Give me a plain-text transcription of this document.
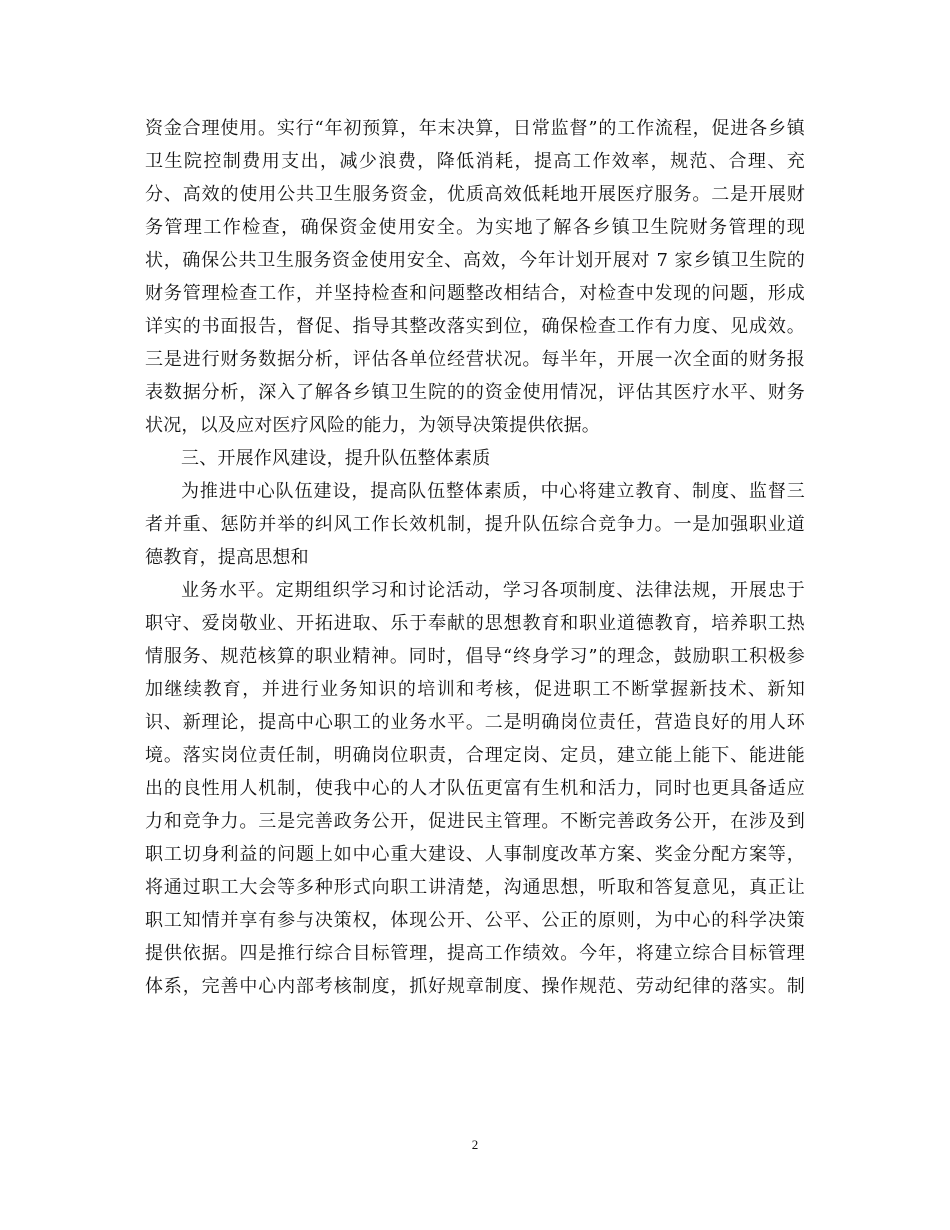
资金合理使用。实行“年初预算，年末决算，日常监督”的工作流程，促进各乡镇
卫生院控制费用支出，减少浪费，降低消耗，提高工作效率，规范、合理、充
分、高效的使用公共卫生服务资金，优质高效低耗地开展医疗服务。二是开展财
务管理工作检查，确保资金使用安全。为实地了解各乡镇卫生院财务管理的现
状，确保公共卫生服务资金使用安全、高效，今年计划开展对 7 家乡镇卫生院的
财务管理检查工作，并坚持检查和问题整改相结合，对检查中发现的问题，形成
详实的书面报告，督促、指导其整改落实到位，确保检查工作有力度、见成效。
三是进行财务数据分析，评估各单位经营状况。每半年，开展一次全面的财务报
表数据分析，深入了解各乡镇卫生院的的资金使用情况，评估其医疗水平、财务
状况，以及应对医疗风险的能力，为领导决策提供依据。
三、开展作风建设，提升队伍整体素质
为推进中心队伍建设，提高队伍整体素质，中心将建立教育、制度、监督三
者并重、惩防并举的纠风工作长效机制，提升队伍综合竞争力。一是加强职业道
德教育，提高思想和
业务水平。定期组织学习和讨论活动，学习各项制度、法律法规，开展忠于
职守、爱岗敬业、开拓进取、乐于奉献的思想教育和职业道德教育，培养职工热
情服务、规范核算的职业精神。同时，倡导“终身学习”的理念，鼓励职工积极参
加继续教育，并进行业务知识的培训和考核，促进职工不断掌握新技术、新知
识、新理论，提高中心职工的业务水平。二是明确岗位责任，营造良好的用人环
境。落实岗位责任制，明确岗位职责，合理定岗、定员，建立能上能下、能进能
出的良性用人机制，使我中心的人才队伍更富有生机和活力，同时也更具备适应
力和竞争力。三是完善政务公开，促进民主管理。不断完善政务公开，在涉及到
职工切身利益的问题上如中心重大建设、人事制度改革方案、奖金分配方案等，
将通过职工大会等多种形式向职工讲清楚，沟通思想，听取和答复意见，真正让
职工知情并享有参与决策权，体现公开、公平、公正的原则，为中心的科学决策
提供依据。四是推行综合目标管理，提高工作绩效。今年，将建立综合目标管理
体系，完善中心内部考核制度，抓好规章制度、操作规范、劳动纪律的落实。制
2
